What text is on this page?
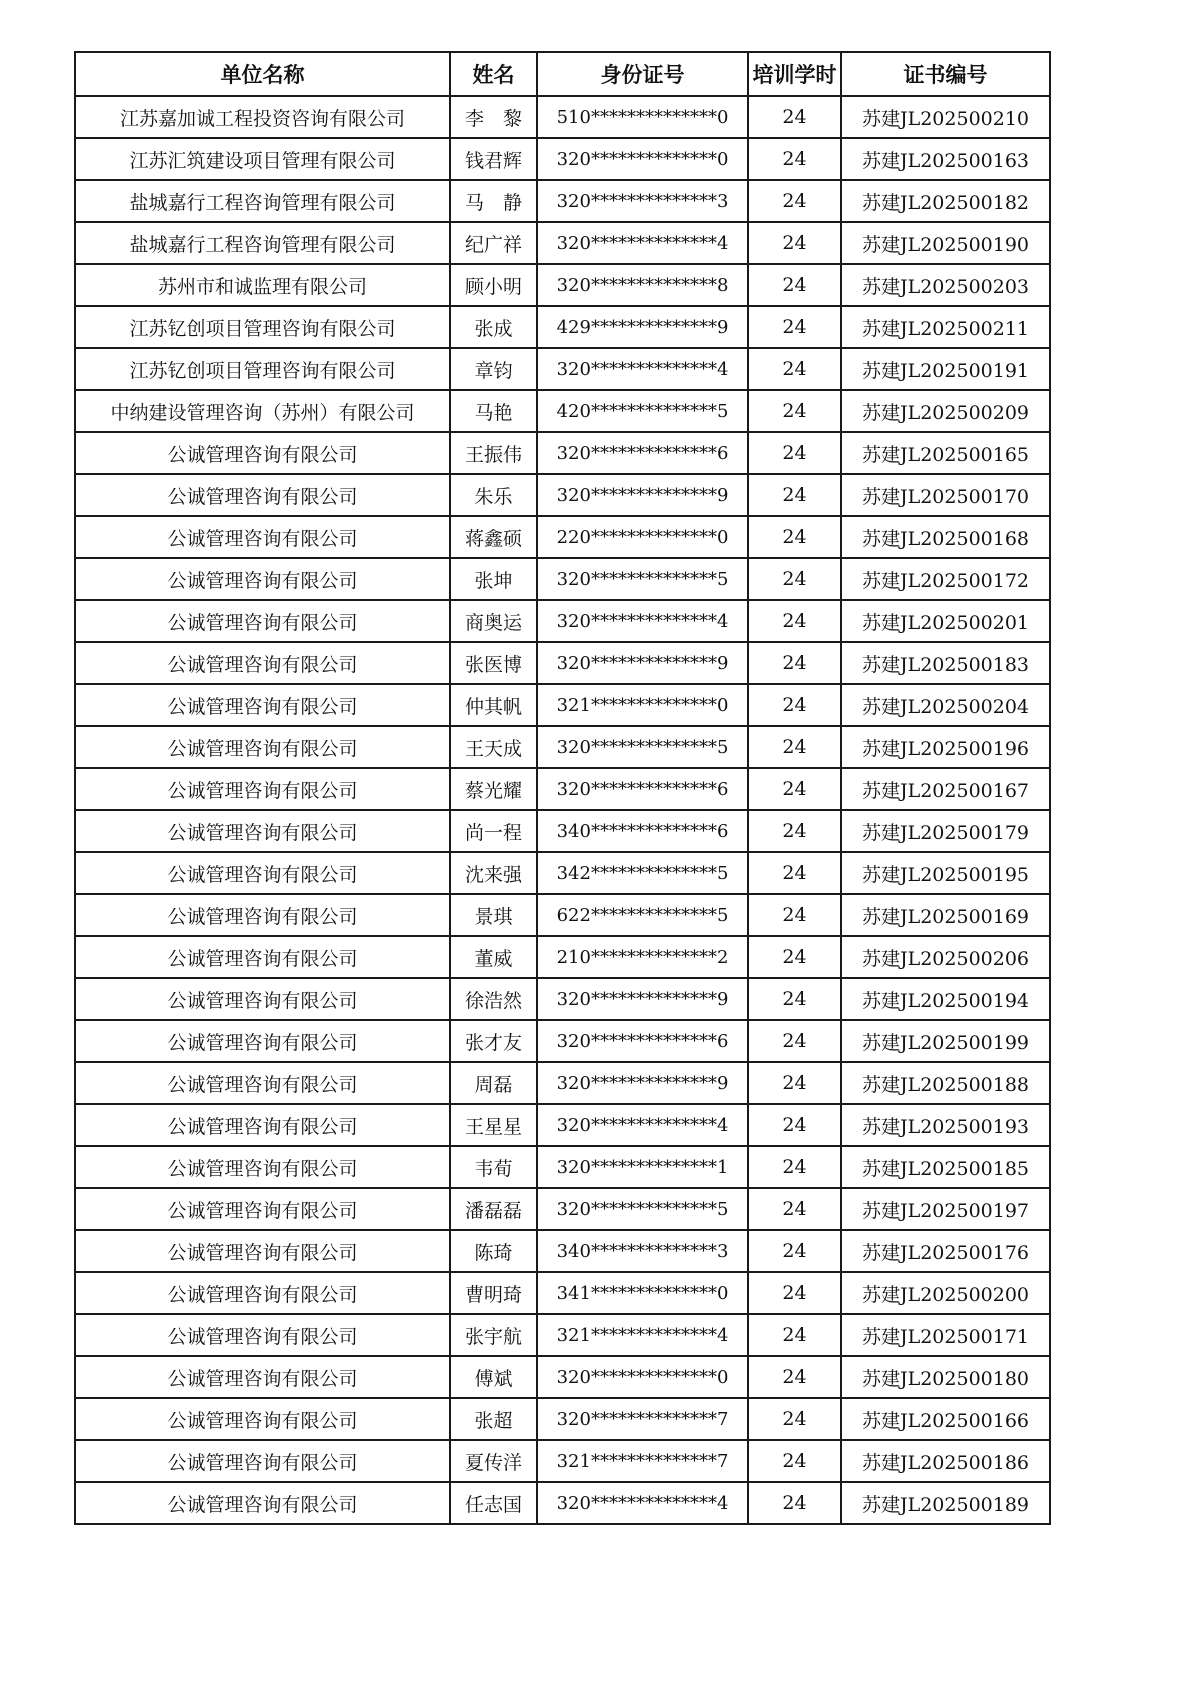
单位名称	姓名	身份证号	培训学时	证书编号
江苏嘉加诚工程投资咨询有限公司	李　黎	510**************0	24	苏建JL202500210
江苏汇筑建设项目管理有限公司	钱君辉	320**************0	24	苏建JL202500163
盐城嘉行工程咨询管理有限公司	马　静	320**************3	24	苏建JL202500182
盐城嘉行工程咨询管理有限公司	纪广祥	320**************4	24	苏建JL202500190
苏州市和诚监理有限公司	顾小明	320**************8	24	苏建JL202500203
江苏钇创项目管理咨询有限公司	张成	429**************9	24	苏建JL202500211
江苏钇创项目管理咨询有限公司	章钧	320**************4	24	苏建JL202500191
中纳建设管理咨询（苏州）有限公司	马艳	420**************5	24	苏建JL202500209
公诚管理咨询有限公司	王振伟	320**************6	24	苏建JL202500165
公诚管理咨询有限公司	朱乐	320**************9	24	苏建JL202500170
公诚管理咨询有限公司	蒋鑫硕	220**************0	24	苏建JL202500168
公诚管理咨询有限公司	张坤	320**************5	24	苏建JL202500172
公诚管理咨询有限公司	商奥运	320**************4	24	苏建JL202500201
公诚管理咨询有限公司	张医博	320**************9	24	苏建JL202500183
公诚管理咨询有限公司	仲其帆	321**************0	24	苏建JL202500204
公诚管理咨询有限公司	王天成	320**************5	24	苏建JL202500196
公诚管理咨询有限公司	蔡光耀	320**************6	24	苏建JL202500167
公诚管理咨询有限公司	尚一程	340**************6	24	苏建JL202500179
公诚管理咨询有限公司	沈来强	342**************5	24	苏建JL202500195
公诚管理咨询有限公司	景琪	622**************5	24	苏建JL202500169
公诚管理咨询有限公司	董威	210**************2	24	苏建JL202500206
公诚管理咨询有限公司	徐浩然	320**************9	24	苏建JL202500194
公诚管理咨询有限公司	张才友	320**************6	24	苏建JL202500199
公诚管理咨询有限公司	周磊	320**************9	24	苏建JL202500188
公诚管理咨询有限公司	王星星	320**************4	24	苏建JL202500193
公诚管理咨询有限公司	韦荀	320**************1	24	苏建JL202500185
公诚管理咨询有限公司	潘磊磊	320**************5	24	苏建JL202500197
公诚管理咨询有限公司	陈琦	340**************3	24	苏建JL202500176
公诚管理咨询有限公司	曹明琦	341**************0	24	苏建JL202500200
公诚管理咨询有限公司	张宇航	321**************4	24	苏建JL202500171
公诚管理咨询有限公司	傅斌	320**************0	24	苏建JL202500180
公诚管理咨询有限公司	张超	320**************7	24	苏建JL202500166
公诚管理咨询有限公司	夏传洋	321**************7	24	苏建JL202500186
公诚管理咨询有限公司	任志国	320**************4	24	苏建JL202500189
